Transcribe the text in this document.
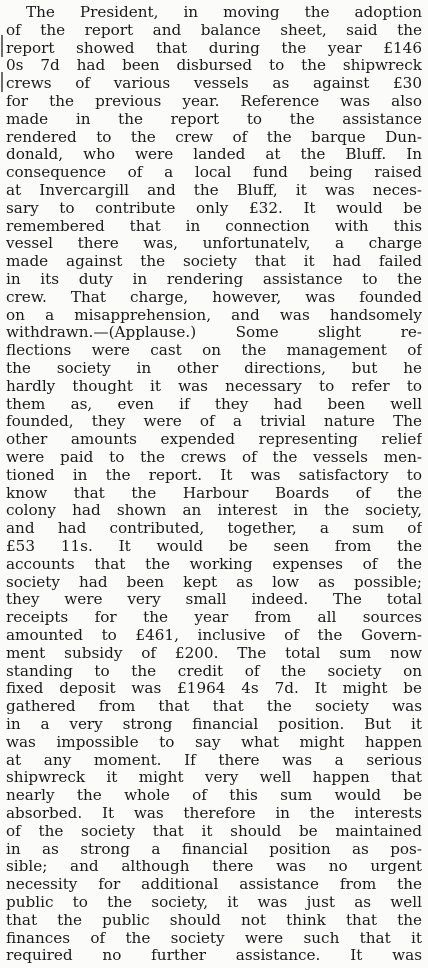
The President, in moving the adoption
of the report and balance sheet, said the
report showed that during the year £146
0s 7d had been disbursed to the shipwreck
crews of various vessels as against £30
for the previous year. Reference was also
made in the report to the assistance
rendered to the crew of the barque Dun-
donald, who were landed at the Bluff. In
consequence of a local fund being raised
at Invercargill and the Bluff, it was neces-
sary to contribute only £32. It would be
remembered that in connection with this
vessel there was, unfortunatelv, a charge
made against the society that it had failed
in its duty in rendering assistance to the
crew. That charge, however, was founded
on a misapprehension, and was handsomely
withdrawn.—(Applause.) Some slight re-
flections were cast on the management of
the society in other directions, but he
hardly thought it was necessary to refer to
them as, even if they had been well
founded, they were of a trivial nature The
other amounts expended representing relief
were paid to the crews of the vessels men-
tioned in the report. It was satisfactory to
know that the Harbour Boards of the
colony had shown an interest in the society,
and had contributed, together, a sum of
£53 11s. It would be seen from the
accounts that the working expenses of the
society had been kept as low as possible;
they were very small indeed. The total
receipts for the year from all sources
amounted to £461, inclusive of the Govern-
ment subsidy of £200. The total sum now
standing to the credit of the society on
fixed deposit was £1964 4s 7d. It might be
gathered from that that the society was
in a very strong financial position. But it
was impossible to say what might happen
at any moment. If there was a serious
shipwreck it might very well happen that
nearly the whole of this sum would be
absorbed. It was therefore in the interests
of the society that it should be maintained
in as strong a financial position as pos-
sible; and although there was no urgent
necessity for additional assistance from the
public to the society, it was just as well
that the public should not think that the
finances of the society were such that it
required no further assistance. It was
